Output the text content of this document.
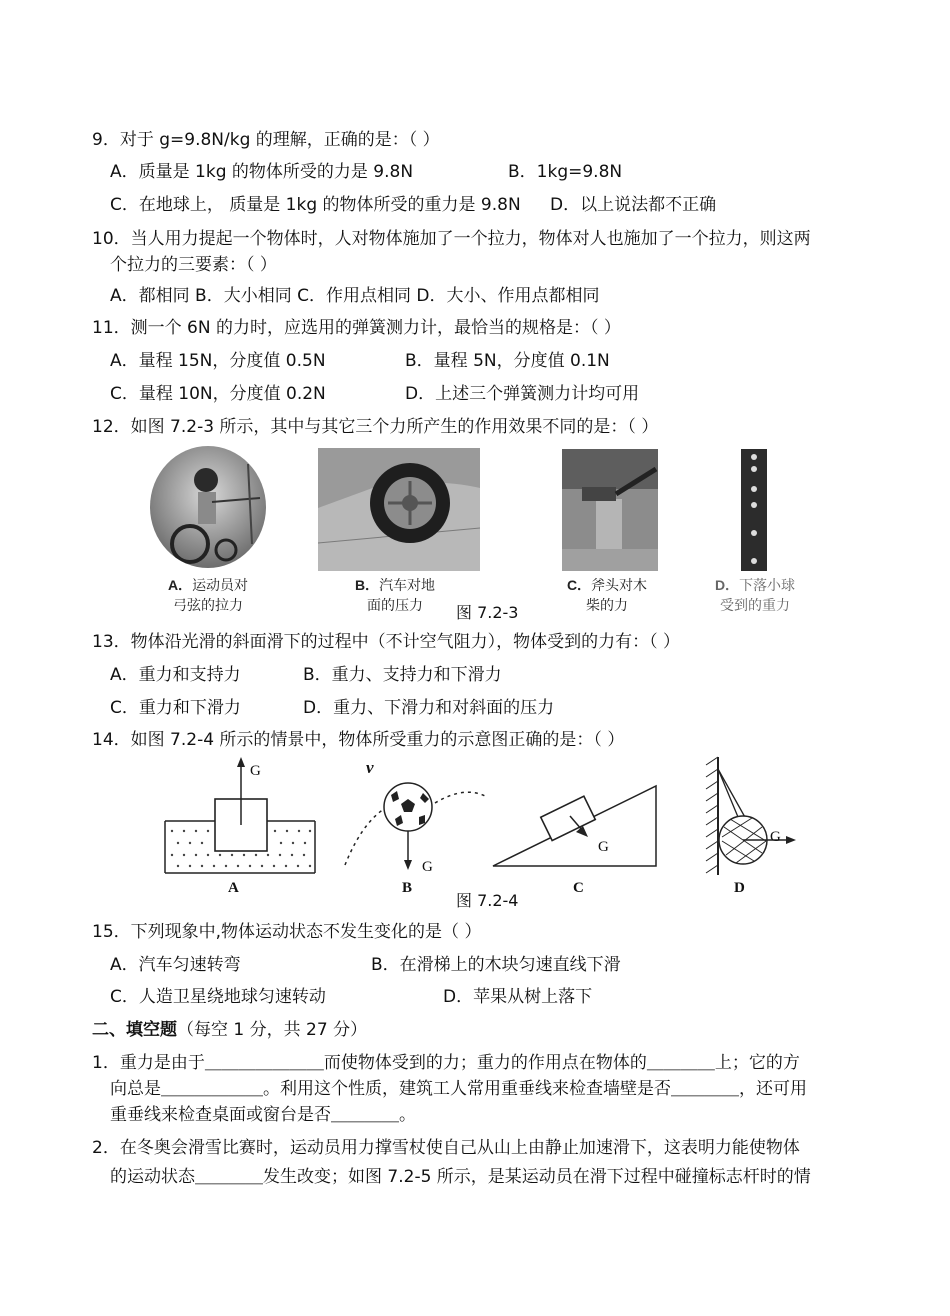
9．对于 g=9.8N/kg 的理解，正确的是：（ ）
A．质量是 1kg 的物体所受的力是 9.8N	B．1kg=9.8N
C．在地球上， 质量是 1kg 的物体所受的重力是 9.8N D．以上说法都不正确
10．当人用力提起一个物体时，人对物体施加了一个拉力，物体对人也施加了一个拉力，则这两
个拉力的三要素：（ ）
A．都相同 B．大小相同 C．作用点相同 D．大小、作用点都相同
11．测一个 6N 的力时，应选用的弹簧测力计，最恰当的规格是：（ ）
A．量程 15N，分度值 0.5N	B．量程 5N，分度值 0.1N
C．量程 10N，分度值 0.2N	D．上述三个弹簧测力计均可用
12．如图 7.2-3 所示，其中与其它三个力所产生的作用效果不同的是：（ ）
A．运动员对
弓弦的拉力
B．汽车对地
面的压力	图 7.2-3
C．斧头对木
柴的力
D．下落小球
受到的重力
13．物体沿光滑的斜面滑下的过程中（不计空气阻力），物体受到的力有：（ ）
A．重力和支持力	B．重力、支持力和下滑力
C．重力和下滑力	D．重力、下滑力和对斜面的压力
14．如图 7.2-4 所示的情景中，物体所受重力的示意图正确的是：（ ）
G
A
v
G
B
G
C
G
D
图 7.2-4
15．下列现象中,物体运动状态不发生变化的是（ ）
A．汽车匀速转弯	B．在滑梯上的木块匀速直线下滑
C．人造卫星绕地球匀速转动	D．苹果从树上落下
二、填空题（每空 1 分，共 27 分）
1．重力是由于＿＿＿＿＿＿＿而使物体受到的力；重力的作用点在物体的＿＿＿＿上；它的方
向总是＿＿＿＿＿＿。利用这个性质，建筑工人常用重垂线来检查墙壁是否＿＿＿＿，还可用
重垂线来检查桌面或窗台是否＿＿＿＿。
2．在冬奥会滑雪比赛时，运动员用力撑雪杖使自己从山上由静止加速滑下，这表明力能使物体
的运动状态＿＿＿＿发生改变；如图 7.2-5 所示，是某运动员在滑下过程中碰撞标志杆时的情
